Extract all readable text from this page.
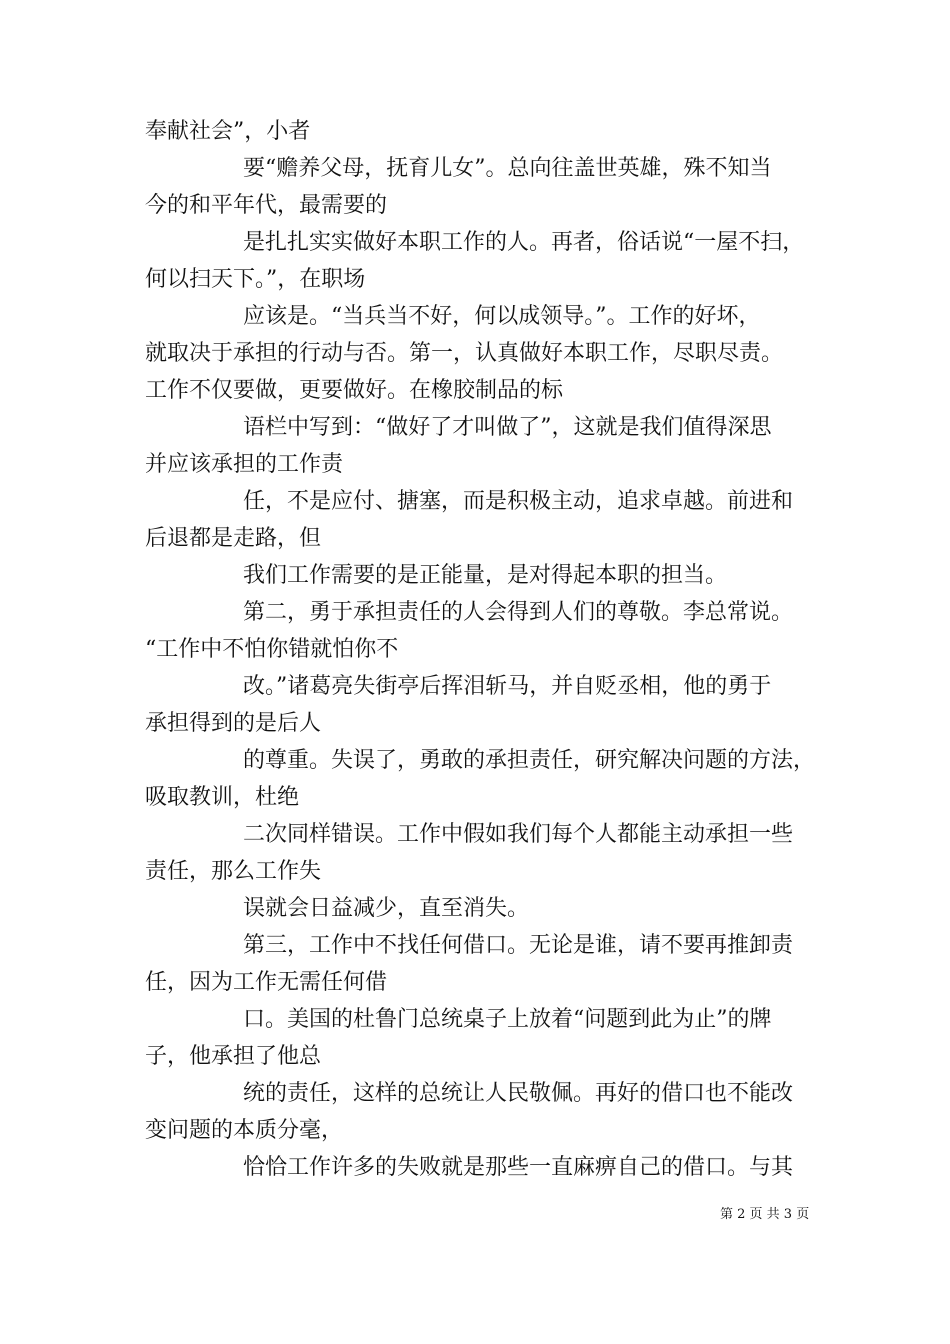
奉献社会”，小者
要“赡养父母，抚育儿女”。总向往盖世英雄，殊不知当
今的和平年代，最需要的
是扎扎实实做好本职工作的人。再者，俗话说“一屋不扫，
何以扫天下。”，在职场
应该是。“当兵当不好，何以成领导。”。工作的好坏，
就取决于承担的行动与否。第一，认真做好本职工作，尽职尽责。
工作不仅要做，更要做好。在橡胶制品的标
语栏中写到：“做好了才叫做了”，这就是我们值得深思
并应该承担的工作责
任，不是应付、搪塞，而是积极主动，追求卓越。前进和
后退都是走路，但
我们工作需要的是正能量，是对得起本职的担当。
第二，勇于承担责任的人会得到人们的尊敬。李总常说。
“工作中不怕你错就怕你不
改。”诸葛亮失街亭后挥泪斩马，并自贬丞相，他的勇于
承担得到的是后人
的尊重。失误了，勇敢的承担责任，研究解决问题的方法，
吸取教训，杜绝
二次同样错误。工作中假如我们每个人都能主动承担一些
责任，那么工作失
误就会日益减少，直至消失。
第三，工作中不找任何借口。无论是谁，请不要再推卸责
任，因为工作无需任何借
口。美国的杜鲁门总统桌子上放着“问题到此为止”的牌
子，他承担了他总
统的责任，这样的总统让人民敬佩。再好的借口也不能改
变问题的本质分毫，
恰恰工作许多的失败就是那些一直麻痹自己的借口。与其
第 2 页 共 3 页
